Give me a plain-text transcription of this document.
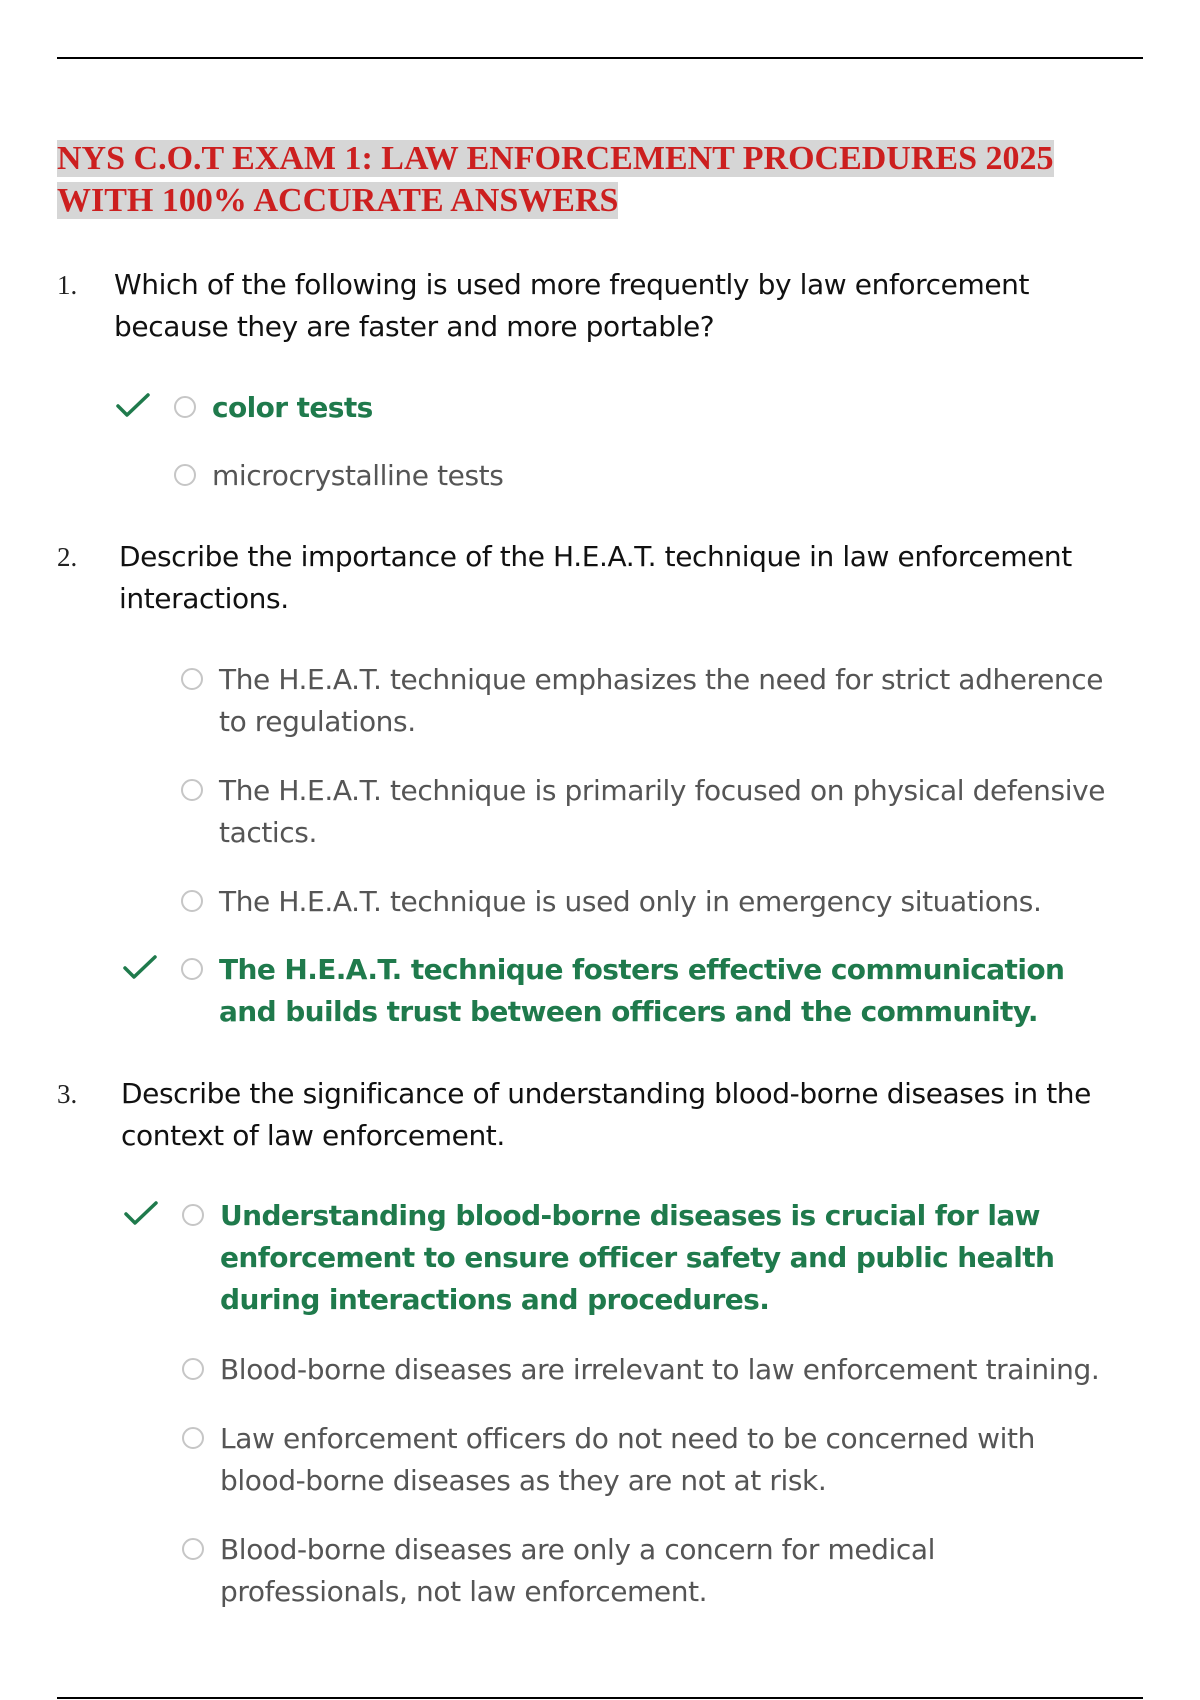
NYS C.O.T EXAM 1: LAW ENFORCEMENT PROCEDURES 2025
WITH 100% ACCURATE ANSWERS
1. Which of the following is used more frequently by law enforcement because they are faster and more portable?
color tests
microcrystalline tests
2. Describe the importance of the H.E.A.T. technique in law enforcement interactions.
The H.E.A.T. technique emphasizes the need for strict adherence to regulations.
The H.E.A.T. technique is primarily focused on physical defensive tactics.
The H.E.A.T. technique is used only in emergency situations.
The H.E.A.T. technique fosters effective communication and builds trust between officers and the community.
3. Describe the significance of understanding blood-borne diseases in the context of law enforcement.
Understanding blood-borne diseases is crucial for law enforcement to ensure officer safety and public health during interactions and procedures.
Blood-borne diseases are irrelevant to law enforcement training.
Law enforcement officers do not need to be concerned with blood-borne diseases as they are not at risk.
Blood-borne diseases are only a concern for medical professionals, not law enforcement.
